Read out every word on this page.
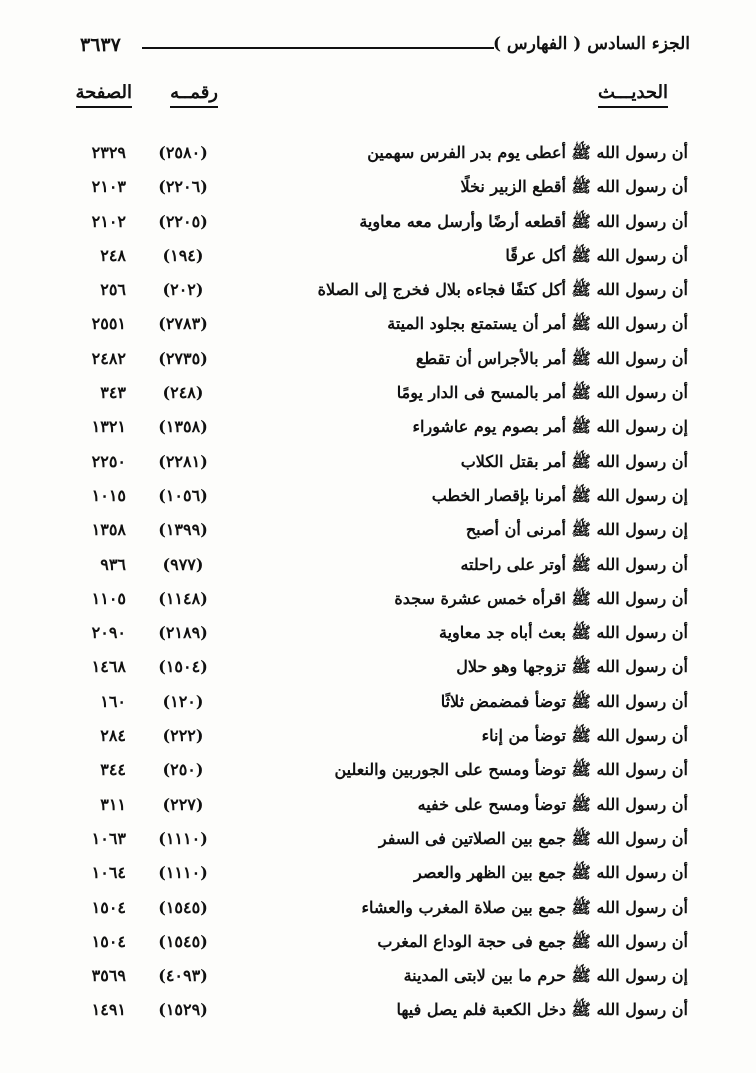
٣٦٣٧	الجزء السادس ( الفهارس )
الحديـــث
رقمــه
الصفحة
أن رسول الله ﷺ أعطى يوم بدر الفرس سهمين
(٢٥٨٠)
٢٣٢٩
أن رسول الله ﷺ أقطع الزبير نخلًا
(٢٢٠٦)
٢١٠٣
أن رسول الله ﷺ أقطعه أرضًا وأرسل معه معاوية
(٢٢٠٥)
٢١٠٢
أن رسول الله ﷺ أكل عرقًا
(١٩٤)
٢٤٨
أن رسول الله ﷺ أكل كتفًا فجاءه بلال فخرج إلى الصلاة
(٢٠٢)
٢٥٦
أن رسول الله ﷺ أمر أن يستمتع بجلود الميتة
(٢٧٨٣)
٢٥٥١
أن رسول الله ﷺ أمر بالأجراس أن تقطع
(٢٧٣٥)
٢٤٨٢
أن رسول الله ﷺ أمر بالمسح فى الدار يومًا
(٢٤٨)
٣٤٣
إن رسول الله ﷺ أمر بصوم يوم عاشوراء
(١٣٥٨)
١٣٢١
أن رسول الله ﷺ أمر بقتل الكلاب
(٢٢٨١)
٢٢٥٠
إن رسول الله ﷺ أمرنا بإقصار الخطب
(١٠٥٦)
١٠١٥
إن رسول الله ﷺ أمرنى أن أصبح
(١٣٩٩)
١٣٥٨
أن رسول الله ﷺ أوتر على راحلته
(٩٧٧)
٩٣٦
أن رسول الله ﷺ اقرأه خمس عشرة سجدة
(١١٤٨)
١١٠٥
أن رسول الله ﷺ بعث أباه جد معاوية
(٢١٨٩)
٢٠٩٠
أن رسول الله ﷺ تزوجها وهو حلال
(١٥٠٤)
١٤٦٨
أن رسول الله ﷺ توضأ فمضمض ثلاثًا
(١٢٠)
١٦٠
أن رسول الله ﷺ توضأ من إناء
(٢٢٢)
٢٨٤
أن رسول الله ﷺ توضأ ومسح على الجوربين والنعلين
(٢٥٠)
٣٤٤
أن رسول الله ﷺ توضأ ومسح على خفيه
(٢٢٧)
٣١١
أن رسول الله ﷺ جمع بين الصلاتين فى السفر
(١١١٠)
١٠٦٣
أن رسول الله ﷺ جمع بين الظهر والعصر
(١١١٠)
١٠٦٤
أن رسول الله ﷺ جمع بين صلاة المغرب والعشاء
(١٥٤٥)
١٥٠٤
أن رسول الله ﷺ جمع فى حجة الوداع المغرب
(١٥٤٥)
١٥٠٤
إن رسول الله ﷺ حرم ما بين لابتى المدينة
(٤٠٩٣)
٣٥٦٩
أن رسول الله ﷺ دخل الكعبة فلم يصل فيها
(١٥٢٩)
١٤٩١
